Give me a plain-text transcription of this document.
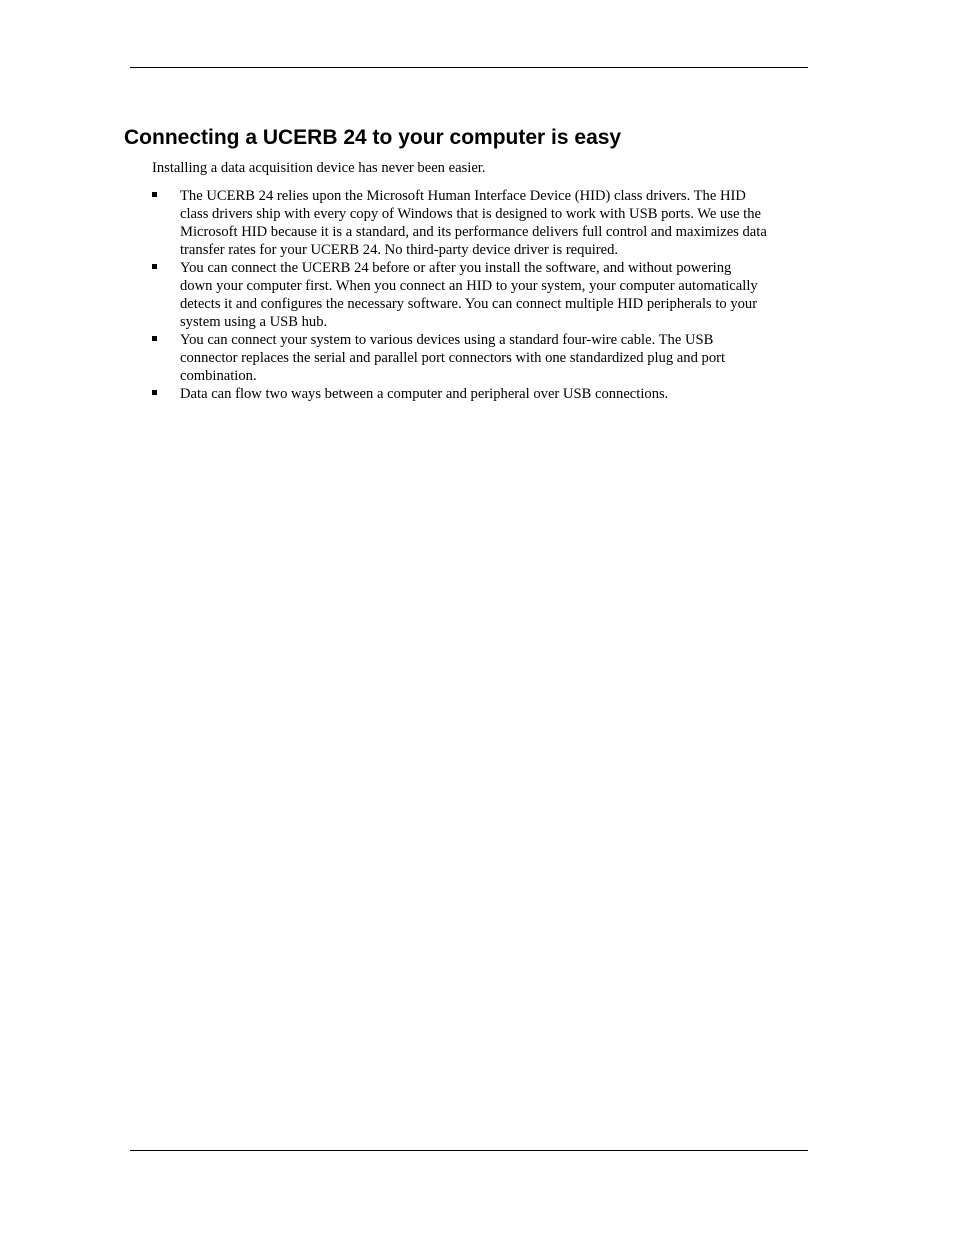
Connecting a UCERB 24 to your computer is easy

Installing a data acquisition device has never been easier.

The UCERB 24 relies upon the Microsoft Human Interface Device (HID) class drivers. The HID
class drivers ship with every copy of Windows that is designed to work with USB ports. We use the
Microsoft HID because it is a standard, and its performance delivers full control and maximizes data
transfer rates for your UCERB 24. No third-party device driver is required.
You can connect the UCERB 24 before or after you install the software, and without powering
down your computer first. When you connect an HID to your system, your computer automatically
detects it and configures the necessary software. You can connect multiple HID peripherals to your
system using a USB hub.
You can connect your system to various devices using a standard four-wire cable. The USB
connector replaces the serial and parallel port connectors with one standardized plug and port
combination.
Data can flow two ways between a computer and peripheral over USB connections.
